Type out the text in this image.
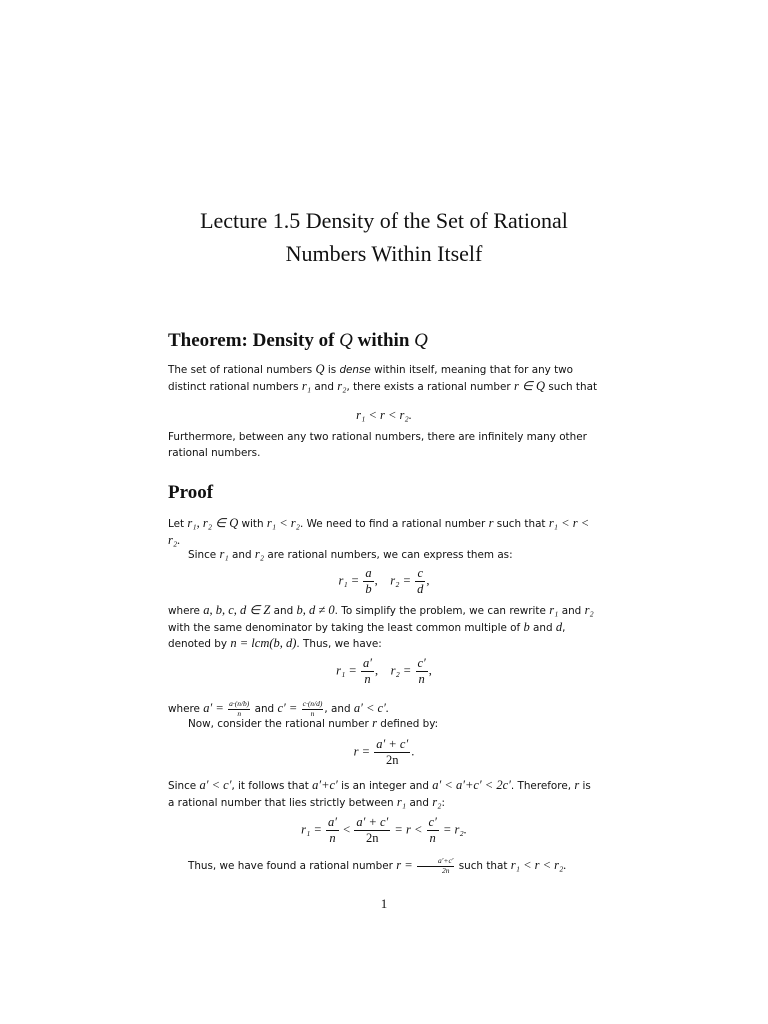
Lecture 1.5 Density of the Set of Rational
Numbers Within Itself
Theorem: Density of Q within Q
The set of rational numbers Q is dense within itself, meaning that for any two distinct rational numbers r₁ and r₂, there exists a rational number r ∈ Q such that
r₁ < r < r₂.
Furthermore, between any two rational numbers, there are infinitely many other rational numbers.
Proof
Let r₁, r₂ ∈ Q with r₁ < r₂. We need to find a rational number r such that r₁ < r < r₂.
Since r₁ and r₂ are rational numbers, we can express them as:
$r_1 = \frac{a}{b}$ , $r_2 = \frac{c}{d}$ ,
where a, b, c, d ∈ Z and b, d ≠ 0. To simplify the problem, we can rewrite r₁ and r₂ with the same denominator by taking the least common multiple of b and d, denoted by n = lcm(b, d). Thus, we have:
$r_1 = \frac{a'}{n}$ , $r_2 = \frac{c'}{n}$ ,
where $a' = \frac{a\cdot(n/b)}{n}$ and $c' = \frac{c\cdot(n/d)}{n}$ , and a′ < c′.
Now, consider the rational number r defined by:
$r = \frac{a' + c'}{2n}$ .
Since a′ < c′, it follows that a′+c′ is an integer and a′ < a′+c′ < 2c′. Therefore, r is a rational number that lies strictly between r₁ and r₂:
$r_1 = \frac{a'}{n} < \frac{a' + c'}{2n} = r < \frac{c'}{n} = r_2$.
Thus, we have found a rational number $r = \frac{a'+c'}{2n}$ such that r₁ < r < r₂.
1
